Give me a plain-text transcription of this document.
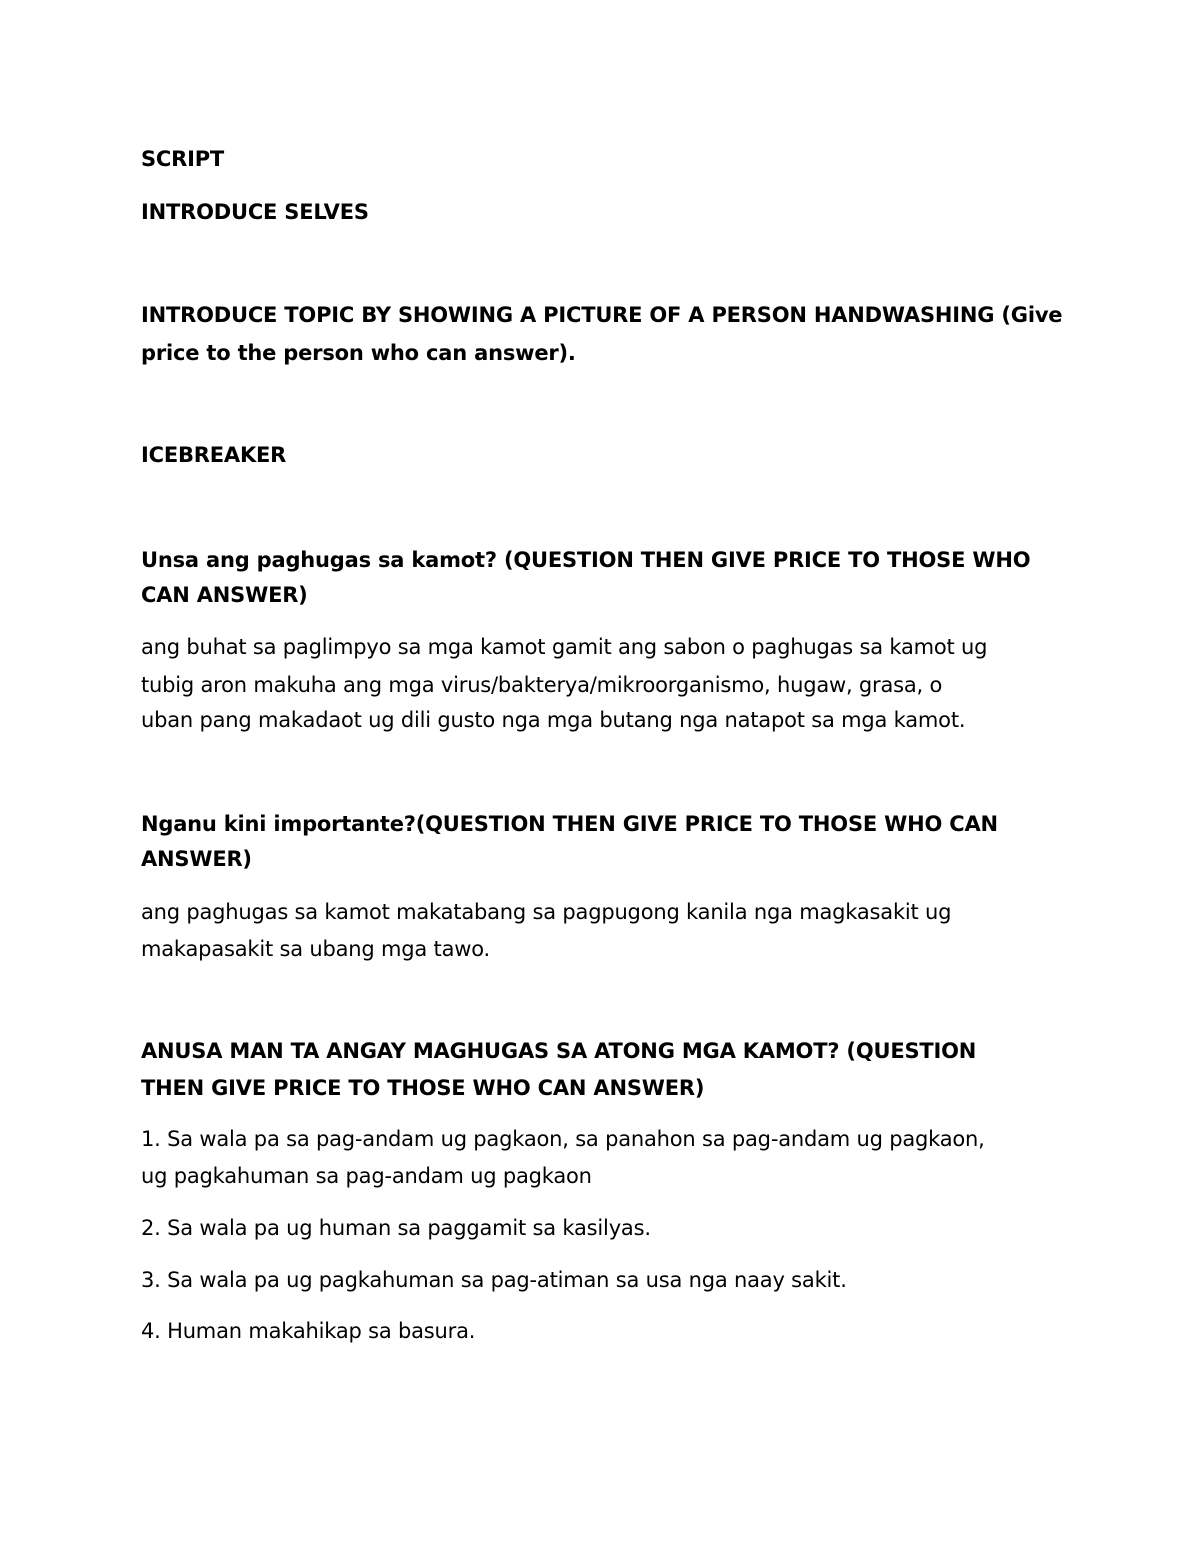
SCRIPT
INTRODUCE SELVES
INTRODUCE TOPIC BY SHOWING A PICTURE OF A PERSON HANDWASHING (Give
price to the person who can answer).
ICEBREAKER
Unsa ang paghugas sa kamot? (QUESTION THEN GIVE PRICE TO THOSE WHO
CAN ANSWER)
ang buhat sa paglimpyo sa mga kamot gamit ang sabon o paghugas sa kamot ug
tubig aron makuha ang mga virus/bakterya/mikroorganismo, hugaw, grasa, o
uban pang makadaot ug dili gusto nga mga butang nga natapot sa mga kamot.
Nganu kini importante?(QUESTION THEN GIVE PRICE TO THOSE WHO CAN
ANSWER)
ang paghugas sa kamot makatabang sa pagpugong kanila nga magkasakit ug
makapasakit sa ubang mga tawo.
ANUSA MAN TA ANGAY MAGHUGAS SA ATONG MGA KAMOT? (QUESTION
THEN GIVE PRICE TO THOSE WHO CAN ANSWER)
1. Sa wala pa sa pag-andam ug pagkaon, sa panahon sa pag-andam ug pagkaon,
ug pagkahuman sa pag-andam ug pagkaon
2. Sa wala pa ug human sa paggamit sa kasilyas.
3. Sa wala pa ug pagkahuman sa pag-atiman sa usa nga naay sakit.
4. Human makahikap sa basura.
